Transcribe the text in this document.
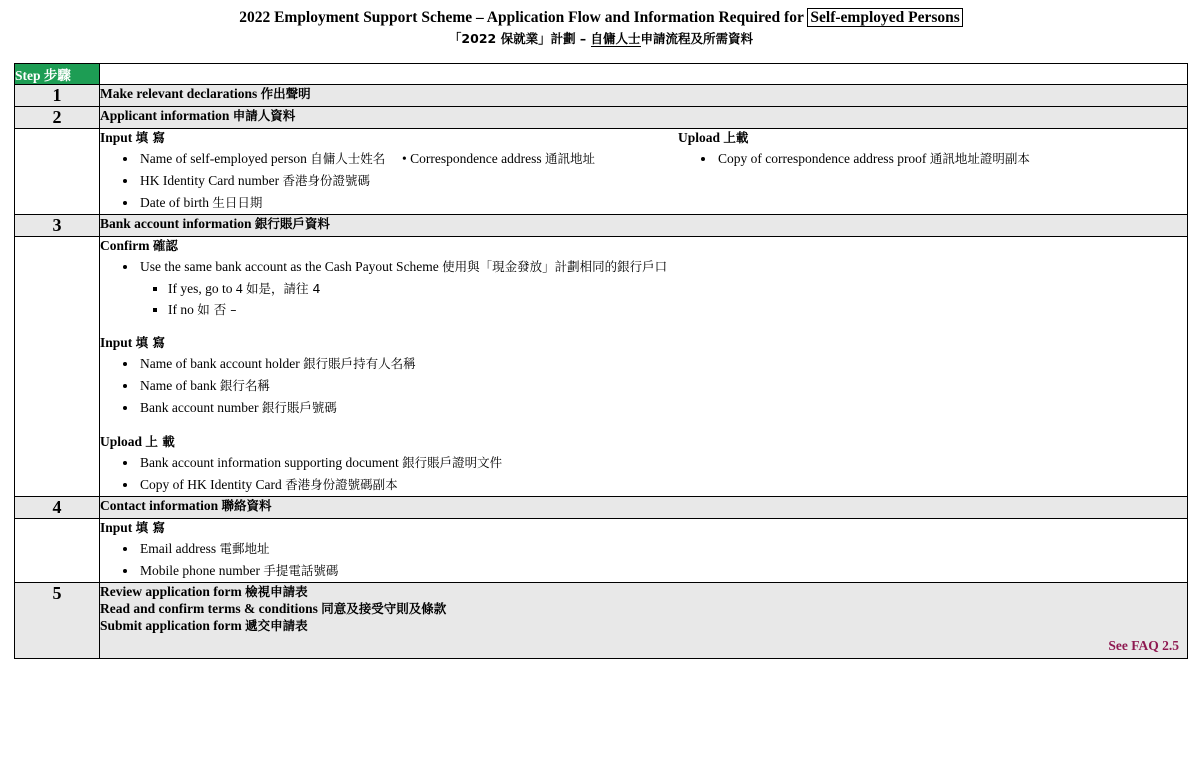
2022 Employment Support Scheme – Application Flow and Information Required for Self-employed Persons
「2022 保就業」計劃 – 自傭人士申請流程及所需資料
Step 步驟	
1	Make relevant declarations 作出聲明
2	Applicant information 申請人資料

Input 填 寫
• Name of self-employed person 自傭人士姓名 • Correspondence address 通訊地址
• HK Identity Card number 香港身份證號碼
• Date of birth 生日日期
Upload 上載
• Copy of correspondence address proof 通訊地址證明副本

3	Bank account information 銀行賬戶資料

Confirm 確認
• Use the same bank account as the Cash Payout Scheme 使用與「現金發放」計劃相同的銀行戶口
▪ If yes, go to 4 如是，請往 4
▪ If no 如 否 –
Input 填 寫
• Name of bank account holder 銀行賬戶持有人名稱
• Name of bank 銀行名稱
• Bank account number 銀行賬戶號碼
Upload 上 載
• Bank account information supporting document 銀行賬戶證明文件
• Copy of HK Identity Card 香港身份證號碼副本

4	Contact information 聯絡資料

Input 填 寫
• Email address 電郵地址
• Mobile phone number 手提電話號碼

5	Review application form 檢視申請表
Read and confirm terms & conditions 同意及接受守則及條款
Submit application form 遞交申請表
See FAQ 2.5
